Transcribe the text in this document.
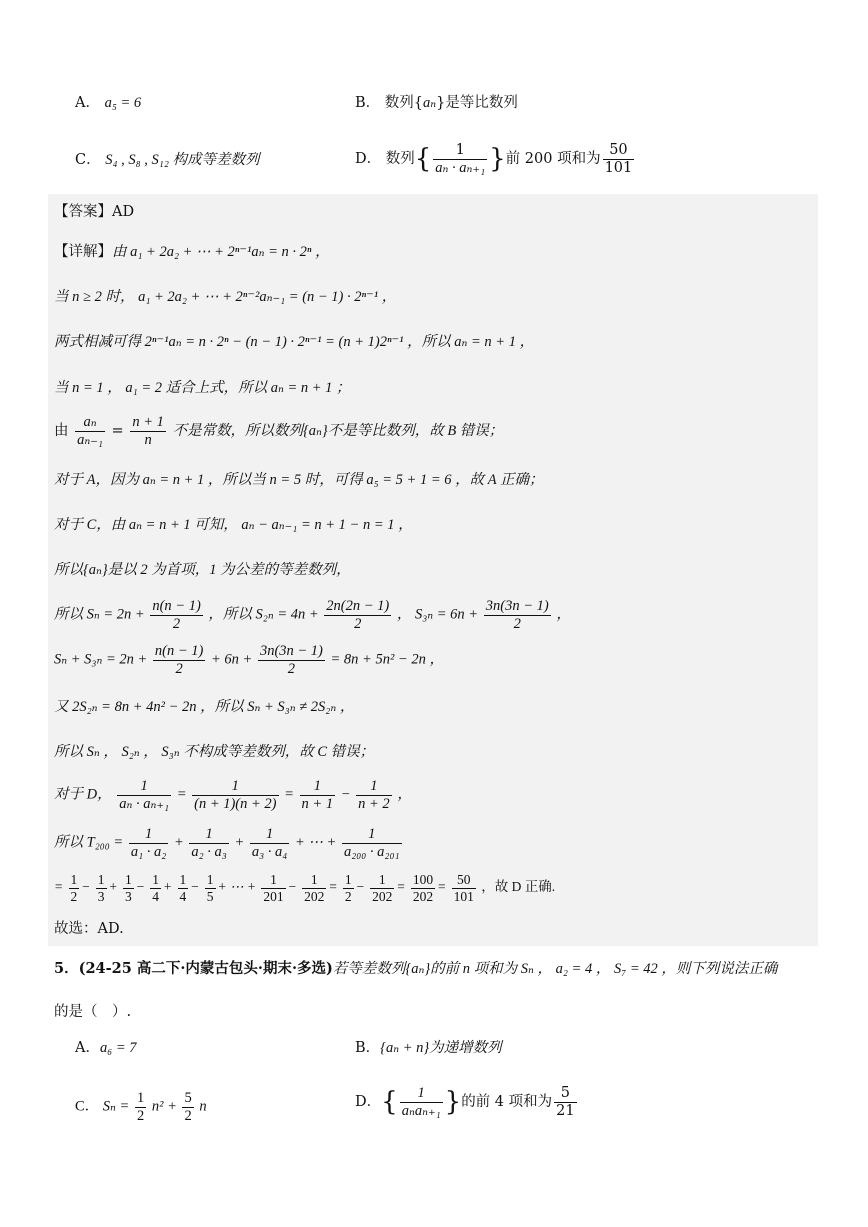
A． a₅ = 6	B． 数列{aₙ}是等比数列
C． S₄ , S₈ , S₁₂ 构成等差数列	D． 数列{ $\frac{1}{\text{aₙ · aₙ₊₁}}$ }前 200 项和为 $\frac{50}{101}$
【答案】AD
【详解】由 a₁ + 2a₂ + ⋯ + 2ⁿ⁻¹aₙ = n · 2ⁿ ，
当 n ≥ 2 时， a₁ + 2a₂ + ⋯ + 2ⁿ⁻²aₙ₋₁ = (n − 1) · 2ⁿ⁻¹ ，
两式相减可得 2ⁿ⁻¹aₙ = n · 2ⁿ − (n − 1) · 2ⁿ⁻¹ = (n + 1)2ⁿ⁻¹ ，所以 aₙ = n + 1 ，
当 n = 1 ， a₁ = 2 适合上式，所以 aₙ = n + 1 ；
由 $\frac{\text{aₙ}}{\text{aₙ₋₁}} = \frac{n + 1}{n}$ 不是常数，所以数列{aₙ}不是等比数列，故 B 错误；
对于 A，因为 aₙ = n + 1 ，所以当 n = 5 时，可得 a₅ = 5 + 1 = 6 ，故 A 正确；
对于 C，由 aₙ = n + 1 可知， aₙ − aₙ₋₁ = n + 1 − n = 1 ，
所以{aₙ}是以 2 为首项，1 为公差的等差数列，
所以 $S_n = 2n + \frac{n(n - 1)}{2}$ ，所以 $S_{2n} = 4n + \frac{2n(2n - 1)}{2}$ ， $S_{3n} = 6n + \frac{3n(3n - 1)}{2}$ ，
$S_n + S_{3n} = 2n + \frac{n(n - 1)}{2} + 6n + \frac{3n(3n - 1)}{2} = 8n + 5n^2 - 2n$ ，
又 2S₂ₙ = 8n + 4n² − 2n ，所以 Sₙ + S₃ₙ ≠ 2S₂ₙ ，
所以 Sₙ ， S₂ₙ ， S₃ₙ 不构成等差数列，故 C 错误；
对于 D， $\frac{1}{\text{aₙ · aₙ₊₁}} = \frac{1}{(n + 1)(n + 2)} = \frac{1}{n + 1} - \frac{1}{n + 2}$ ，
所以 $T_{200} = \frac{1}{\text{a₁ · a₂}} + \frac{1}{\text{a₂ · a₃}} + \frac{1}{\text{a₃ · a₄}}$ + ⋯ + $\frac{1}{\text{a₂₀₀ · a₂₀₁}}$
= $\frac{1}{2} - \frac{1}{3} + \frac{1}{3} - \frac{1}{4} + \frac{1}{4} - \frac{1}{5}$ + ⋯ + $\frac{1}{201} - \frac{1}{202} = \frac{1}{2} - \frac{1}{202} = \frac{100}{202} = \frac{50}{101}$ ，故 D 正确.
故选：AD.
5．(24-25 高二下·内蒙古包头·期末·多选)若等差数列{aₙ}的前 n 项和为 Sₙ ， a₂ = 4 ， S₇ = 42 ，则下列说法正确
的是（　）.
A．a₆ = 7	B．{aₙ + n}为递增数列
C． $S_n = \frac{1}{2} n^2 + \frac{5}{2}$ n	D．{ $\frac{1}{\text{aₙaₙ₊₁}}$ }的前 4 项和为 $\frac{5}{21}$
